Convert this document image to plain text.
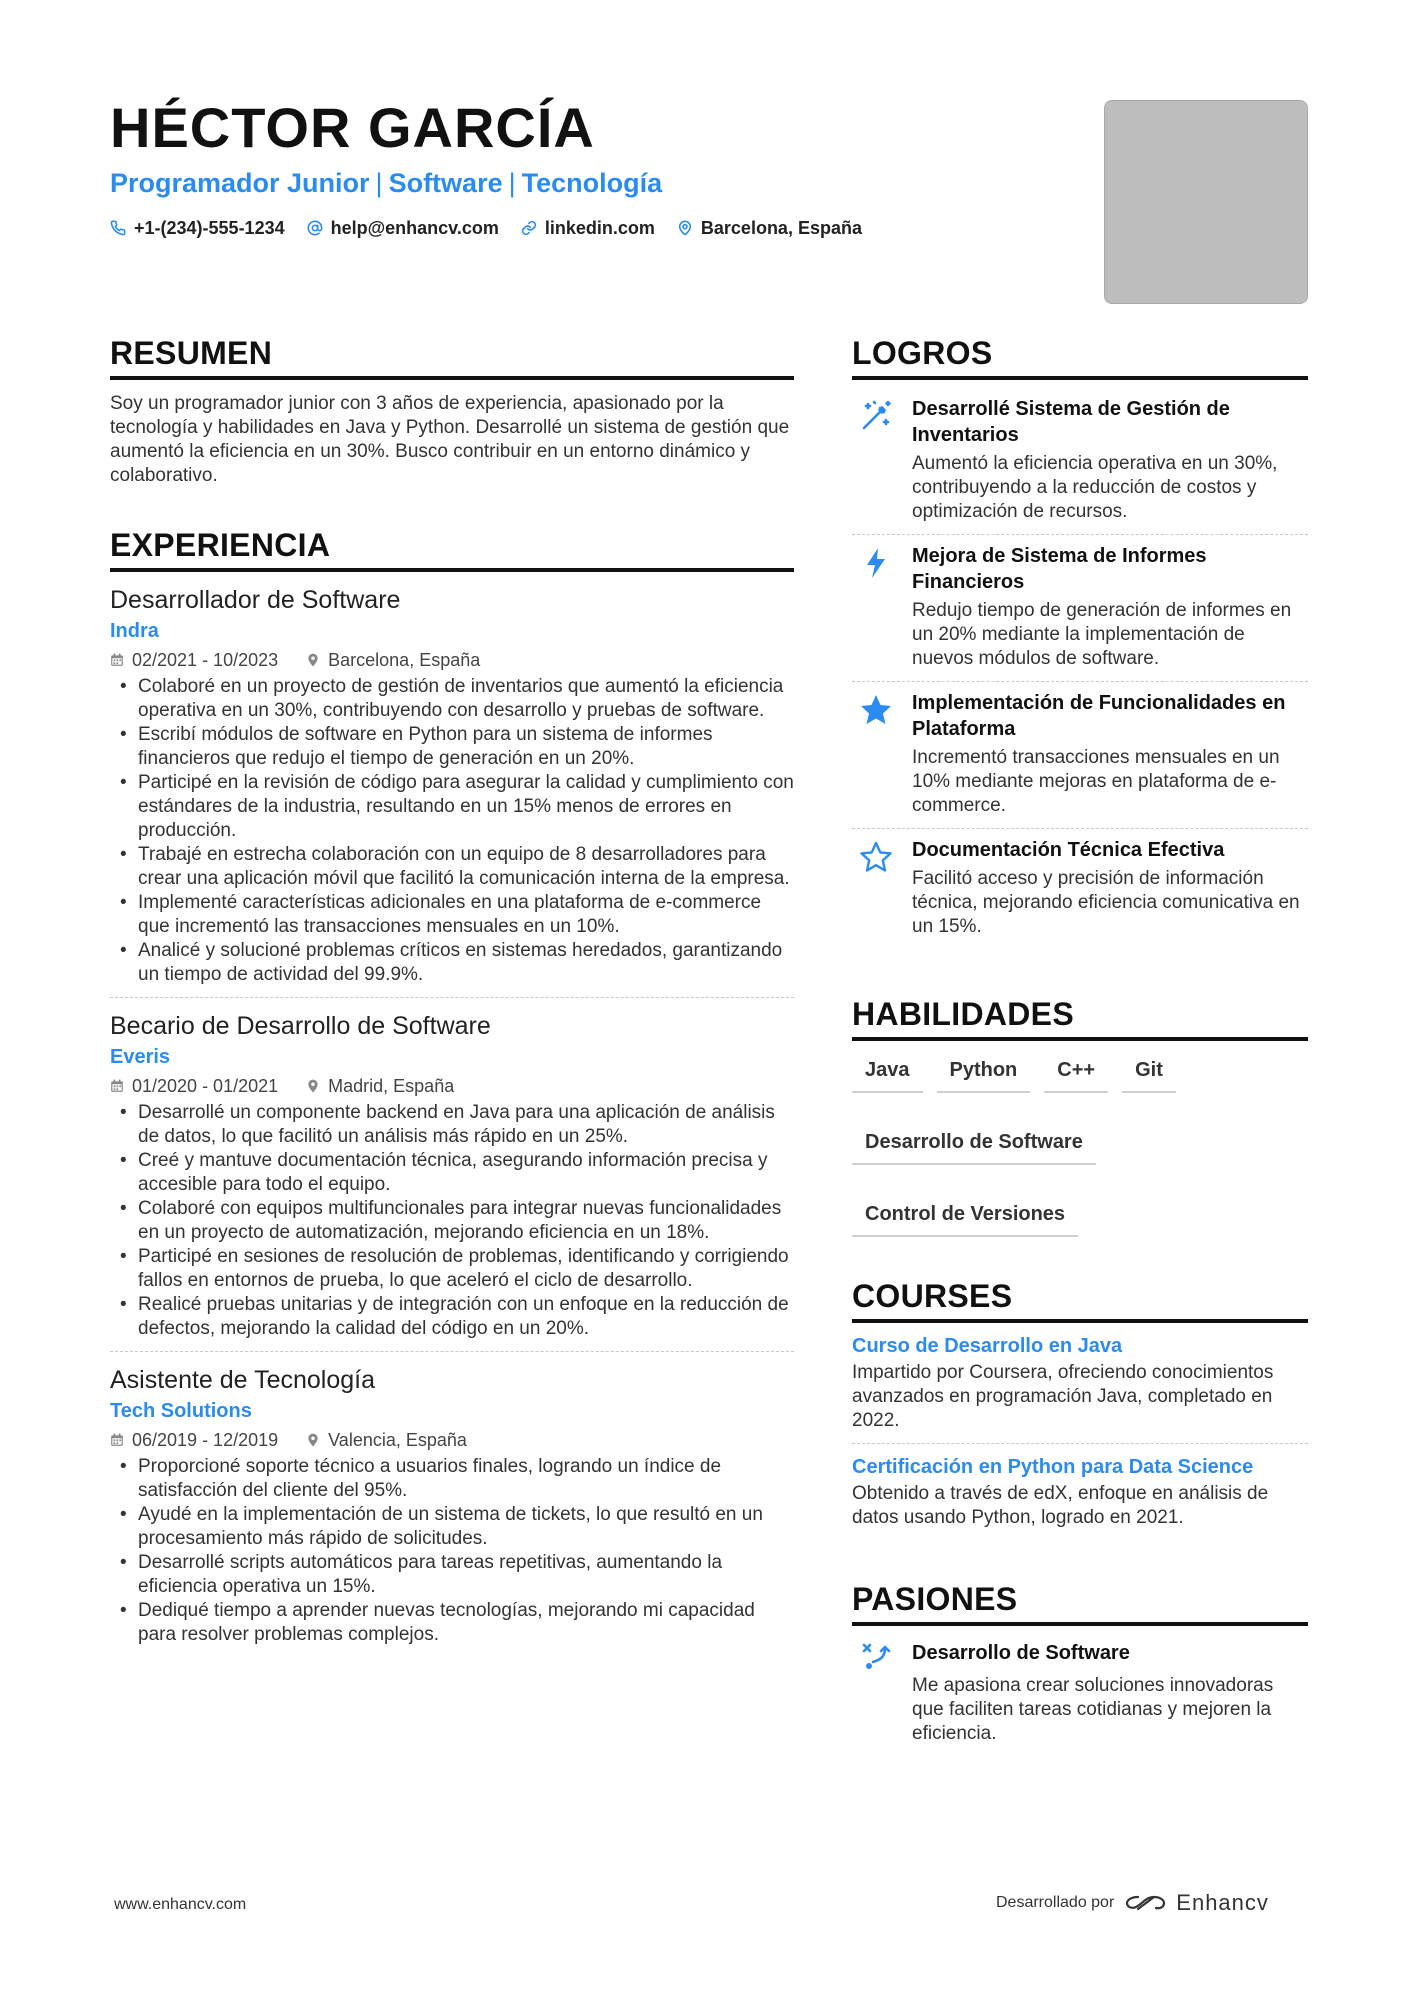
HÉCTOR GARCÍA
Programador Junior | Software | Tecnología
+1-(234)-555-1234	help@enhancv.com	linkedin.com	Barcelona, España
RESUMEN

Soy un programador junior con 3 años de experiencia, apasionado por la tecnología y habilidades en Java y Python. Desarrollé un sistema de gestión que aumentó la eficiencia en un 30%. Busco contribuir en un entorno dinámico y colaborativo.

EXPERIENCIA
Desarrollador de Software
Indra
02/2021 - 10/2023	Barcelona, España
• Colaboré en un proyecto de gestión de inventarios que aumentó la eficiencia operativa en un 30%, contribuyendo con desarrollo y pruebas de software.
• Escribí módulos de software en Python para un sistema de informes financieros que redujo el tiempo de generación en un 20%.
• Participé en la revisión de código para asegurar la calidad y cumplimiento con estándares de la industria, resultando en un 15% menos de errores en producción.
• Trabajé en estrecha colaboración con un equipo de 8 desarrolladores para crear una aplicación móvil que facilitó la comunicación interna de la empresa.
• Implementé características adicionales en una plataforma de e-commerce que incrementó las transacciones mensuales en un 10%.
• Analicé y solucioné problemas críticos en sistemas heredados, garantizando un tiempo de actividad del 99.9%.
Becario de Desarrollo de Software
Everis
01/2020 - 01/2021	Madrid, España
• Desarrollé un componente backend en Java para una aplicación de análisis de datos, lo que facilitó un análisis más rápido en un 25%.
• Creé y mantuve documentación técnica, asegurando información precisa y accesible para todo el equipo.
• Colaboré con equipos multifuncionales para integrar nuevas funcionalidades en un proyecto de automatización, mejorando eficiencia en un 18%.
• Participé en sesiones de resolución de problemas, identificando y corrigiendo fallos en entornos de prueba, lo que aceleró el ciclo de desarrollo.
• Realicé pruebas unitarias y de integración con un enfoque en la reducción de defectos, mejorando la calidad del código en un 20%.
Asistente de Tecnología
Tech Solutions
06/2019 - 12/2019	Valencia, España
• Proporcioné soporte técnico a usuarios finales, logrando un índice de satisfacción del cliente del 95%.
• Ayudé en la implementación de un sistema de tickets, lo que resultó en un procesamiento más rápido de solicitudes.
• Desarrollé scripts automáticos para tareas repetitivas, aumentando la eficiencia operativa un 15%.
• Dediqué tiempo a aprender nuevas tecnologías, mejorando mi capacidad para resolver problemas complejos.
LOGROS
Desarrollé Sistema de Gestión de Inventarios
Aumentó la eficiencia operativa en un 30%, contribuyendo a la reducción de costos y optimización de recursos.
Mejora de Sistema de Informes Financieros
Redujo tiempo de generación de informes en un 20% mediante la implementación de nuevos módulos de software.
Implementación de Funcionalidades en Plataforma
Incrementó transacciones mensuales en un 10% mediante mejoras en plataforma de e-commerce.
Documentación Técnica Efectiva
Facilitó acceso y precisión de información técnica, mejorando eficiencia comunicativa en un 15%.
HABILIDADES
Java	Python	C++	Git
Desarrollo de Software
Control de Versiones
COURSES
Curso de Desarrollo en Java
Impartido por Coursera, ofreciendo conocimientos avanzados en programación Java, completado en 2022.
Certificación en Python para Data Science
Obtenido a través de edX, enfoque en análisis de datos usando Python, logrado en 2021.
PASIONES
Desarrollo de Software
Me apasiona crear soluciones innovadoras que faciliten tareas cotidianas y mejoren la eficiencia.
www.enhancv.com	Desarrollado por	Enhancv
